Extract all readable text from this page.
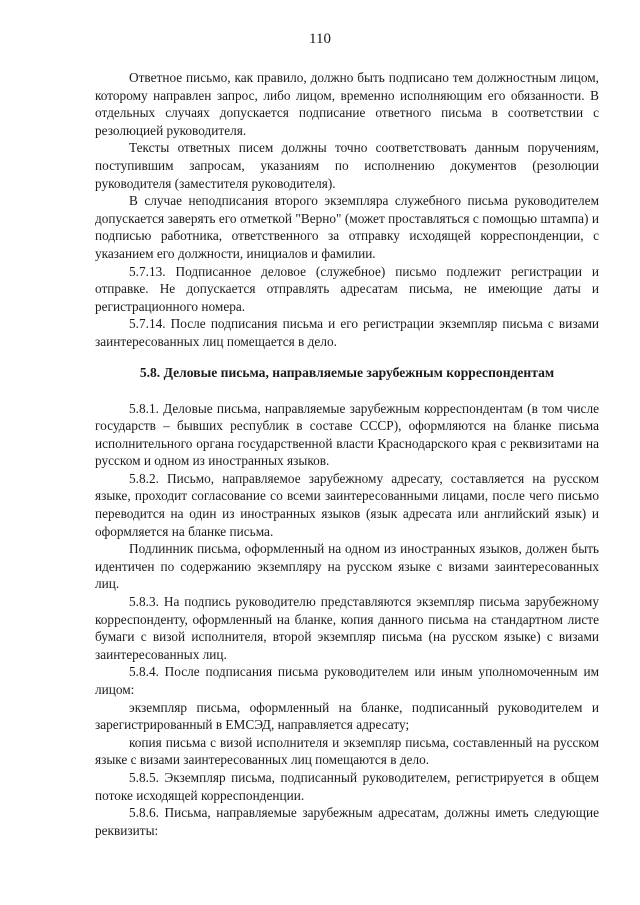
110

Ответное письмо, как правило, должно быть подписано тем должностным лицом, которому направлен запрос, либо лицом, временно исполняющим его обязанности. В отдельных случаях допускается подписание ответного письма в соответствии с резолюцией руководителя.

Тексты ответных писем должны точно соответствовать данным поручениям, поступившим запросам, указаниям по исполнению документов (резолюции руководителя (заместителя руководителя).

В случае неподписания второго экземпляра служебного письма руководителем допускается заверять его отметкой "Верно" (может проставляться с помощью штампа) и подписью работника, ответственного за отправку исходящей корреспонденции, с указанием его должности, инициалов и фамилии.

5.7.13. Подписанное деловое (служебное) письмо подлежит регистрации и отправке. Не допускается отправлять адресатам письма, не имеющие даты и регистрационного номера.

5.7.14. После подписания письма и его регистрации экземпляр письма с визами заинтересованных лиц помещается в дело.

5.8. Деловые письма, направляемые зарубежным корреспондентам

5.8.1. Деловые письма, направляемые зарубежным корреспондентам (в том числе государств – бывших республик в составе СССР), оформляются на бланке письма исполнительного органа государственной власти Краснодарского края с реквизитами на русском и одном из иностранных языков.

5.8.2. Письмо, направляемое зарубежному адресату, составляется на русском языке, проходит согласование со всеми заинтересованными лицами, после чего письмо переводится на один из иностранных языков (язык адресата или английский язык) и оформляется на бланке письма.

Подлинник письма, оформленный на одном из иностранных языков, должен быть идентичен по содержанию экземпляру на русском языке с визами заинтересованных лиц.

5.8.3. На подпись руководителю представляются экземпляр письма зарубежному корреспонденту, оформленный на бланке, копия данного письма на стандартном листе бумаги с визой исполнителя, второй экземпляр письма (на русском языке) с визами заинтересованных лиц.

5.8.4. После подписания письма руководителем или иным уполномоченным им лицом:

экземпляр письма, оформленный на бланке, подписанный руководителем и зарегистрированный в ЕМСЭД, направляется адресату;

копия письма с визой исполнителя и экземпляр письма, составленный на русском языке с визами заинтересованных лиц помещаются в дело.

5.8.5. Экземпляр письма, подписанный руководителем, регистрируется в общем потоке исходящей корреспонденции.

5.8.6. Письма, направляемые зарубежным адресатам, должны иметь следующие реквизиты:
